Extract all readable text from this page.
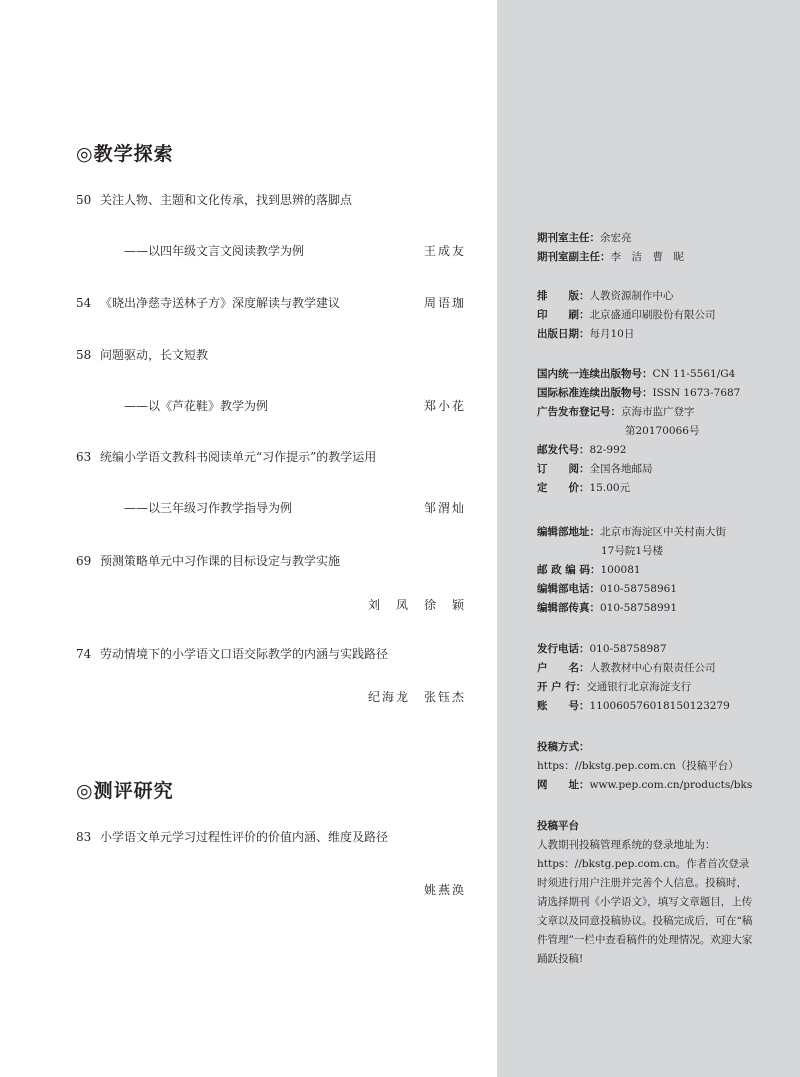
◎教学探索
50 关注人物、主题和文化传承，找到思辨的落脚点
——以四年级文言文阅读教学为例	王成友
54 《晓出净慈寺送林子方》深度解读与教学建议	周语珈
58 问题驱动，长文短教
——以《芦花鞋》教学为例	郑小花
63 统编小学语文教科书阅读单元“习作提示”的教学运用
——以三年级习作教学指导为例	邹渭灿
69 预测策略单元中习作课的目标设定与教学实施
刘　凤　徐　颖
74 劳动情境下的小学语文口语交际教学的内涵与实践路径
纪海龙　张钰杰
◎测评研究
83 小学语文单元学习过程性评价的价值内涵、维度及路径
姚燕涣
期刊室主任：余宏亮
期刊室副主任：李　洁　曹　昵
排　　版：人教资源制作中心
印　　刷：北京盛通印刷股份有限公司
出版日期：每月10日
国内统一连续出版物号：CN 11-5561/G4
国际标准连续出版物号：ISSN 1673-7687
广告发布登记号：京海市监广登字
第20170066号
邮发代号：82-992
订　　阅：全国各地邮局
定　　价：15.00元
编辑部地址：北京市海淀区中关村南大街
17号院1号楼
邮 政 编 码：100081
编辑部电话：010-58758961
编辑部传真：010-58758991
发行电话：010-58758987
户　　名：人教教材中心有限责任公司
开 户 行：交通银行北京海淀支行
账　　号：110060576018150123279
投稿方式：
https：//bkstg.pep.com.cn（投稿平台）
网　　址：www.pep.com.cn/products/bks
投稿平台
人教期刊投稿管理系统的登录地址为：https：//bkstg.pep.com.cn。作者首次登录时须进行用户注册并完善个人信息。投稿时，请选择期刊《小学语文》，填写文章题目，上传文章以及同意投稿协议。投稿完成后，可在“稿件管理”一栏中查看稿件的处理情况。欢迎大家踊跃投稿!
